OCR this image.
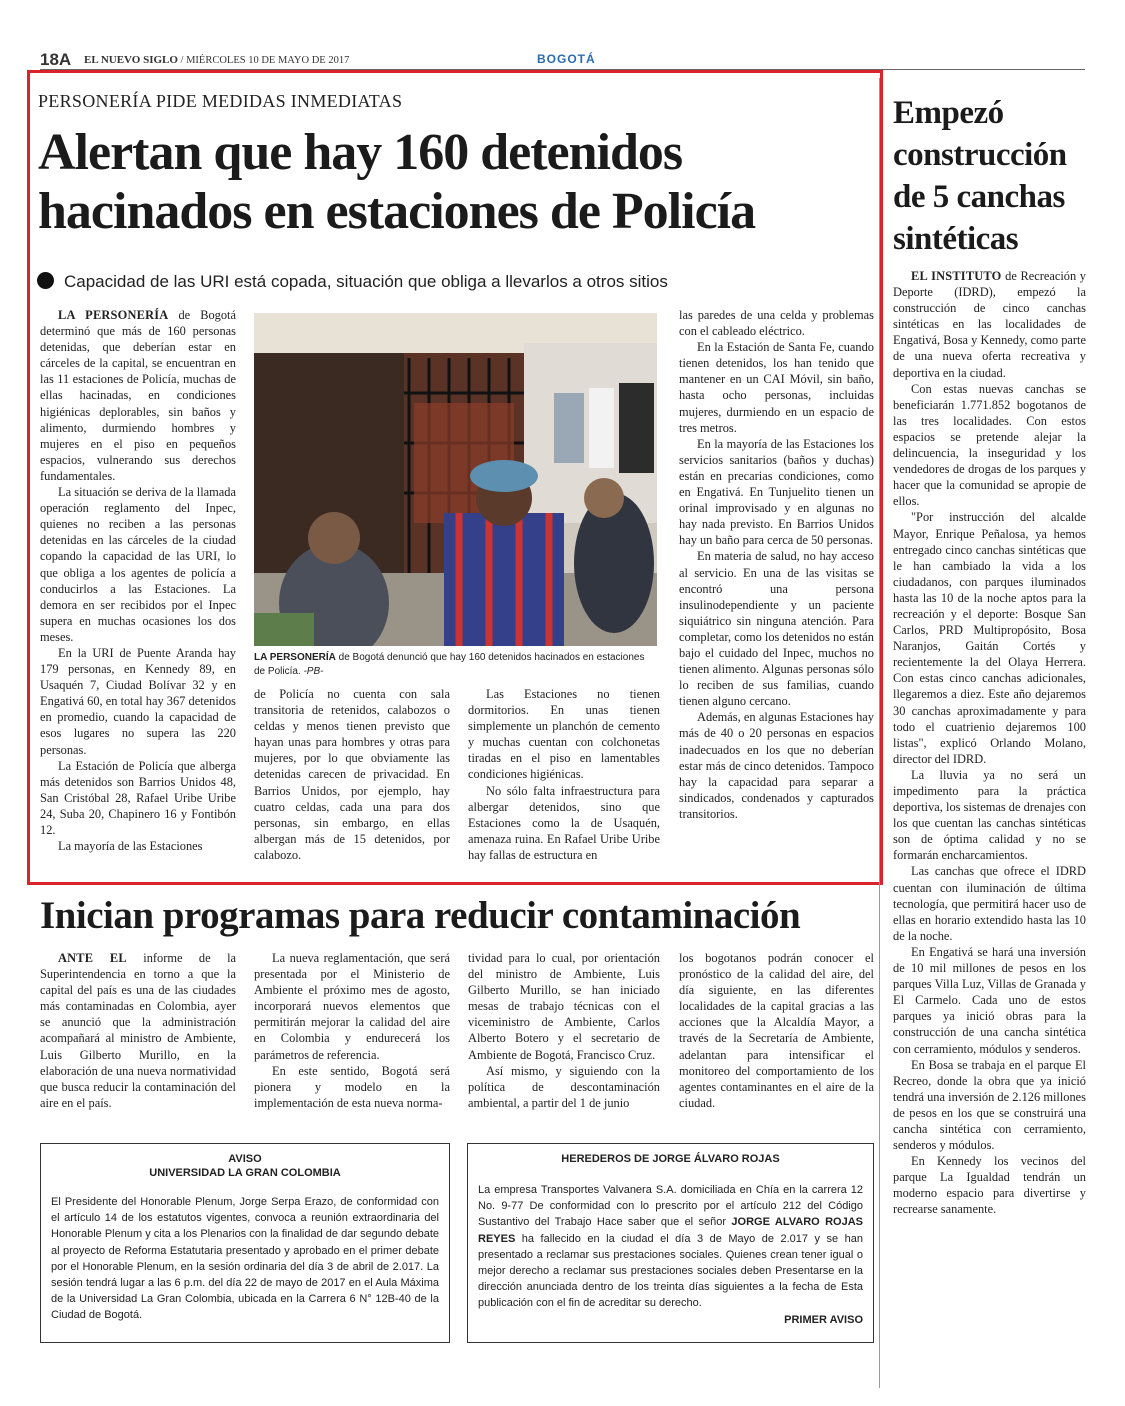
18A EL NUEVO SIGLO / MIÉRCOLES 10 DE MAYO DE 2017	BOGOTÁ
PERSONERÍA PIDE MEDIDAS INMEDIATAS
Alertan que hay 160 detenidos
hacinados en estaciones de Policía
Capacidad de las URI está copada, situación que obliga a llevarlos a otros sitios

LA PERSONERÍA de Bogotá determinó que más de 160 personas detenidas, que deberían estar en cárceles de la capital, se encuentran en las 11 estaciones de Policía, muchas de ellas hacinadas, en condiciones higiénicas deplorables, sin baños y alimento, durmiendo hombres y mujeres en el piso en pequeños espacios, vulnerando sus derechos fundamentales.

La situación se deriva de la llamada operación reglamento del Inpec, quienes no reciben a las personas detenidas en las cárceles de la ciudad copando la capacidad de las URI, lo que obliga a los agentes de policía a conducirlos a las Estaciones. La demora en ser recibidos por el Inpec supera en muchas ocasiones los dos meses.

En la URI de Puente Aranda hay 179 personas, en Kennedy 89, en Usaquén 7, Ciudad Bolívar 32 y en Engativá 60, en total hay 367 detenidos en promedio, cuando la capacidad de esos lugares no supera las 220 personas.

La Estación de Policía que alberga más detenidos son Barrios Unidos 48, San Cristóbal 28, Rafael Uribe Uribe 24, Suba 20, Chapinero 16 y Fontibón 12.

La mayoría de las Estaciones

LA PERSONERÍA de Bogotá denunció que hay 160 detenidos hacinados en estaciones de Policía. -PB-

de Policía no cuenta con sala transitoria de retenidos, calabozos o celdas y menos tienen previsto que hayan unas para hombres y otras para mujeres, por lo que obviamente las detenidas carecen de privacidad. En Barrios Unidos, por ejemplo, hay cuatro celdas, cada una para dos personas, sin embargo, en ellas albergan más de 15 detenidos, por calabozo.

Las Estaciones no tienen dormitorios. En unas tienen simplemente un planchón de cemento y muchas cuentan con colchonetas tiradas en el piso en lamentables condiciones higiénicas.

No sólo falta infraestructura para albergar detenidos, sino que Estaciones como la de Usaquén, amenaza ruina. En Rafael Uribe Uribe hay fallas de estructura en

las paredes de una celda y problemas con el cableado eléctrico.

En la Estación de Santa Fe, cuando tienen detenidos, los han tenido que mantener en un CAI Móvil, sin baño, hasta ocho personas, incluidas mujeres, durmiendo en un espacio de tres metros.

En la mayoría de las Estaciones los servicios sanitarios (baños y duchas) están en precarias condiciones, como en Engativá. En Tunjuelito tienen un orinal improvisado y en algunas no hay nada previsto. En Barrios Unidos hay un baño para cerca de 50 personas.

En materia de salud, no hay acceso al servicio. En una de las visitas se encontró una persona insulinodependiente y un paciente siquiátrico sin ninguna atención. Para completar, como los detenidos no están bajo el cuidado del Inpec, muchos no tienen alimento. Algunas personas sólo lo reciben de sus familias, cuando tienen alguno cercano.

Además, en algunas Estaciones hay más de 40 o 20 personas en espacios inadecuados en los que no deberían estar más de cinco detenidos. Tampoco hay la capacidad para separar a sindicados, condenados y capturados transitorios.

Empezó construcción de 5 canchas sintéticas

EL INSTITUTO de Recreación y Deporte (IDRD), empezó la construcción de cinco canchas sintéticas en las localidades de Engativá, Bosa y Kennedy, como parte de una nueva oferta recreativa y deportiva en la ciudad.

Con estas nuevas canchas se beneficiarán 1.771.852 bogotanos de las tres localidades. Con estos espacios se pretende alejar la delincuencia, la inseguridad y los vendedores de drogas de los parques y hacer que la comunidad se apropie de ellos.

"Por instrucción del alcalde Mayor, Enrique Peñalosa, ya hemos entregado cinco canchas sintéticas que le han cambiado la vida a los ciudadanos, con parques iluminados hasta las 10 de la noche aptos para la recreación y el deporte: Bosque San Carlos, PRD Multipropósito, Bosa Naranjos, Gaitán Cortés y recientemente la del Olaya Herrera. Con estas cinco canchas adicionales, llegaremos a diez. Este año dejaremos 30 canchas aproximadamente y para todo el cuatrienio dejaremos 100 listas", explicó Orlando Molano, director del IDRD.

La lluvia ya no será un impedimento para la práctica deportiva, los sistemas de drenajes con los que cuentan las canchas sintéticas son de óptima calidad y no se formarán encharcamientos.

Las canchas que ofrece el IDRD cuentan con iluminación de última tecnología, que permitirá hacer uso de ellas en horario extendido hasta las 10 de la noche.

En Engativá se hará una inversión de 10 mil millones de pesos en los parques Villa Luz, Villas de Granada y El Carmelo. Cada uno de estos parques ya inició obras para la construcción de una cancha sintética con cerramiento, módulos y senderos.

En Bosa se trabaja en el parque El Recreo, donde la obra que ya inició tendrá una inversión de 2.126 millones de pesos en los que se construirá una cancha sintética con cerramiento, senderos y módulos.

En Kennedy los vecinos del parque La Igualdad tendrán un moderno espacio para divertirse y recrearse sanamente.

Inician programas para reducir contaminación

ANTE EL informe de la Superintendencia en torno a que la capital del país es una de las ciudades más contaminadas en Colombia, ayer se anunció que la administración acompañará al ministro de Ambiente, Luis Gilberto Murillo, en la elaboración de una nueva normatividad que busca reducir la contaminación del aire en el país.

La nueva reglamentación, que será presentada por el Ministerio de Ambiente el próximo mes de agosto, incorporará nuevos elementos que permitirán mejorar la calidad del aire en Colombia y endurecerá los parámetros de referencia.

En este sentido, Bogotá será pionera y modelo en la implementación de esta nueva norma-

tividad para lo cual, por orientación del ministro de Ambiente, Luis Gilberto Murillo, se han iniciado mesas de trabajo técnicas con el viceministro de Ambiente, Carlos Alberto Botero y el secretario de Ambiente de Bogotá, Francisco Cruz.

Así mismo, y siguiendo con la política de descontaminación ambiental, a partir del 1 de junio

los bogotanos podrán conocer el pronóstico de la calidad del aire, del día siguiente, en las diferentes localidades de la capital gracias a las acciones que la Alcaldía Mayor, a través de la Secretaría de Ambiente, adelantan para intensificar el monitoreo del comportamiento de los agentes contaminantes en el aire de la ciudad.

AVISO
UNIVERSIDAD LA GRAN COLOMBIA
El Presidente del Honorable Plenum, Jorge Serpa Erazo, de conformidad con el artículo 14 de los estatutos vigentes, convoca a reunión extraordinaria del Honorable Plenum y cita a los Plenarios con la finalidad de dar segundo debate al proyecto de Reforma Estatutaria presentado y aprobado en el primer debate por el Honorable Plenum, en la sesión ordinaria del día 3 de abril de 2.017. La sesión tendrá lugar a las 6 p.m. del día 22 de mayo de 2017 en el Aula Máxima de la Universidad La Gran Colombia, ubicada en la Carrera 6 N° 12B-40 de la Ciudad de Bogotá.
HEREDEROS DE JORGE ÁLVARO ROJAS
La empresa Transportes Valvanera S.A. domiciliada en Chía en la carrera 12 No. 9-77 De conformidad con lo prescrito por el artículo 212 del Código Sustantivo del Trabajo Hace saber que el señor JORGE ALVARO ROJAS REYES ha fallecido en la ciudad el día 3 de Mayo de 2.017 y se han presentado a reclamar sus prestaciones sociales. Quienes crean tener igual o mejor derecho a reclamar sus prestaciones sociales deben Presentarse en la dirección anunciada dentro de los treinta días siguientes a la fecha de Esta publicación con el fin de acreditar su derecho.
PRIMER AVISO
